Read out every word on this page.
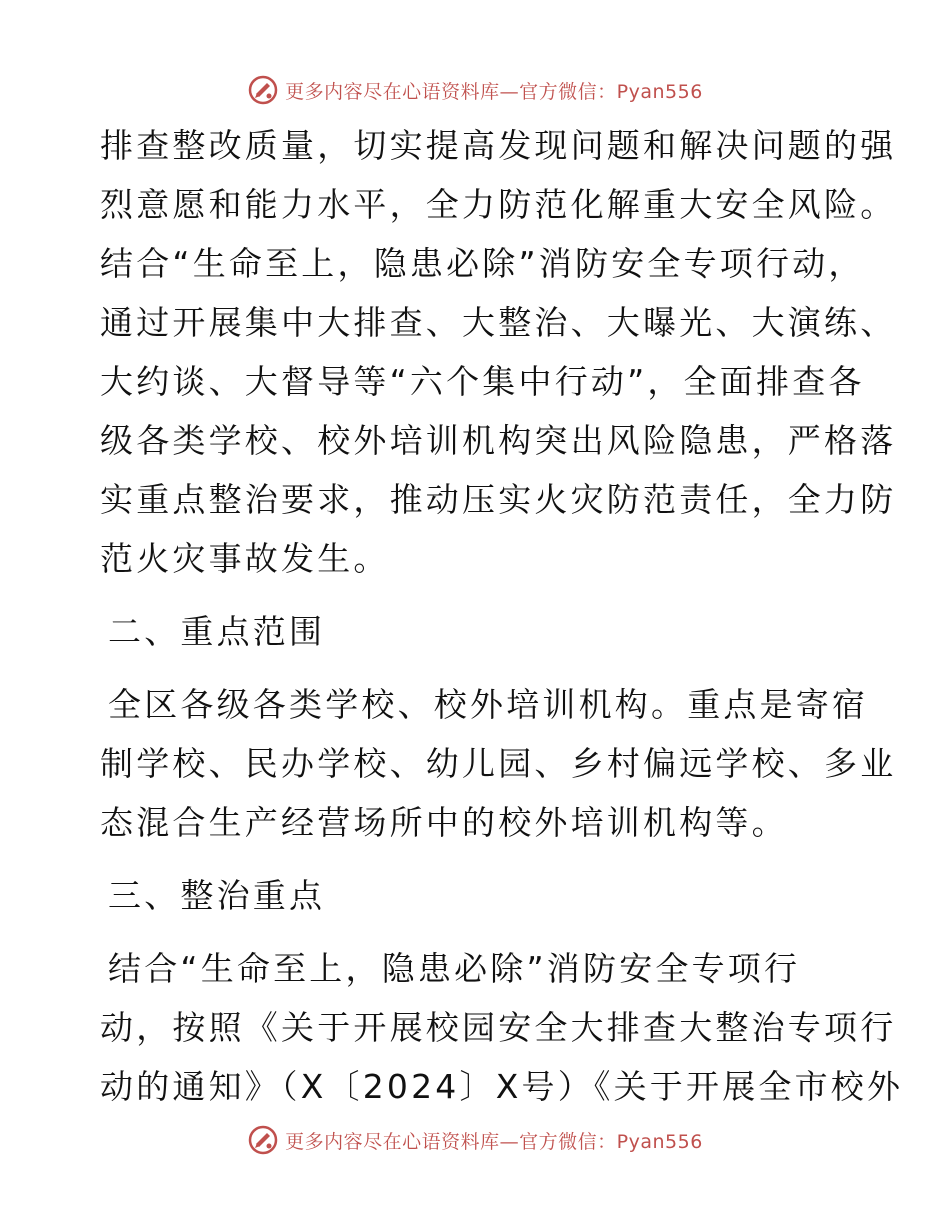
更多内容尽在心语资料库—官方微信：Pyan556
排查整改质量，切实提高发现问题和解决问题的强
烈意愿和能力水平，全力防范化解重大安全风险。
结合“生命至上，隐患必除”消防安全专项行动，
通过开展集中大排查、大整治、大曝光、大演练、
大约谈、大督导等“六个集中行动”，全面排查各
级各类学校、校外培训机构突出风险隐患，严格落
实重点整治要求，推动压实火灾防范责任，全力防
范火灾事故发生。
二、重点范围
全区各级各类学校、校外培训机构。重点是寄宿
制学校、民办学校、幼儿园、乡村偏远学校、多业
态混合生产经营场所中的校外培训机构等。
三、整治重点
结合“生命至上，隐患必除”消防安全专项行
动，按照《关于开展校园安全大排查大整治专项行
动的通知》（X〔2024〕X号）《关于开展全市校外
更多内容尽在心语资料库—官方微信：Pyan556
